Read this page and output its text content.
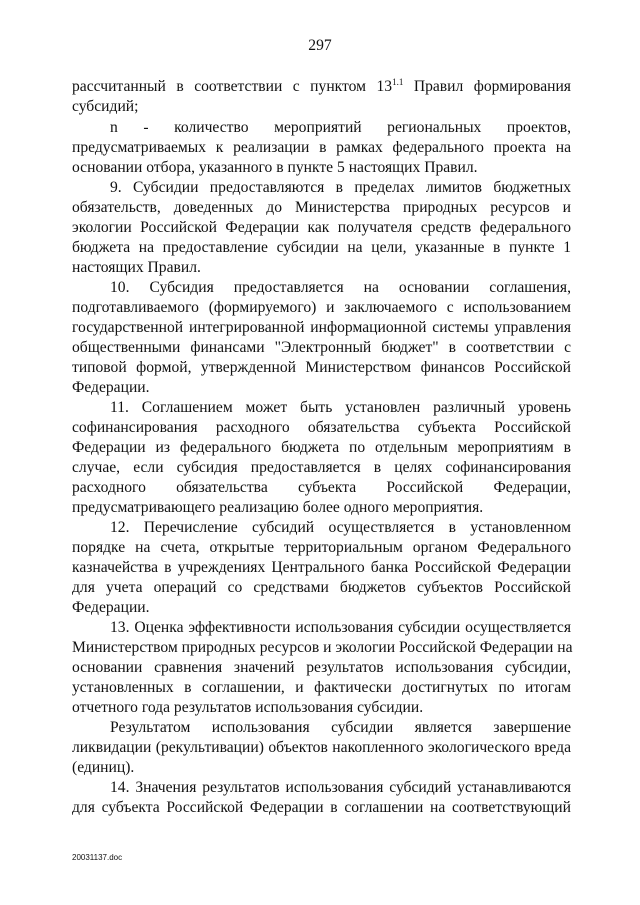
297
рассчитанный в соответствии с пунктом $13^{1.1}$ Правил формирования
субсидий;
n - количество мероприятий региональных проектов,
предусматриваемых к реализации в рамках федерального проекта на
основании отбора, указанного в пункте 5 настоящих Правил.
9. Субсидии предоставляются в пределах лимитов бюджетных
обязательств, доведенных до Министерства природных ресурсов и
экологии Российской Федерации как получателя средств федерального
бюджета на предоставление субсидии на цели, указанные в пункте 1
настоящих Правил.
10. Субсидия предоставляется на основании соглашения,
подготавливаемого (формируемого) и заключаемого с использованием
государственной интегрированной информационной системы управления
общественными финансами "Электронный бюджет" в соответствии с
типовой формой, утвержденной Министерством финансов Российской
Федерации.
11. Соглашением может быть установлен различный уровень
софинансирования расходного обязательства субъекта Российской
Федерации из федерального бюджета по отдельным мероприятиям в
случае, если субсидия предоставляется в целях софинансирования
расходного обязательства субъекта Российской Федерации,
предусматривающего реализацию более одного мероприятия.
12. Перечисление субсидий осуществляется в установленном
порядке на счета, открытые территориальным органом Федерального
казначейства в учреждениях Центрального банка Российской Федерации
для учета операций со средствами бюджетов субъектов Российской
Федерации.
13. Оценка эффективности использования субсидии осуществляется
Министерством природных ресурсов и экологии Российской Федерации на
основании сравнения значений результатов использования субсидии,
установленных в соглашении, и фактически достигнутых по итогам
отчетного года результатов использования субсидии.
Результатом использования субсидии является завершение
ликвидации (рекультивации) объектов накопленного экологического вреда
(единиц).
14. Значения результатов использования субсидий устанавливаются
для субъекта Российской Федерации в соглашении на соответствующий
20031137.doc
